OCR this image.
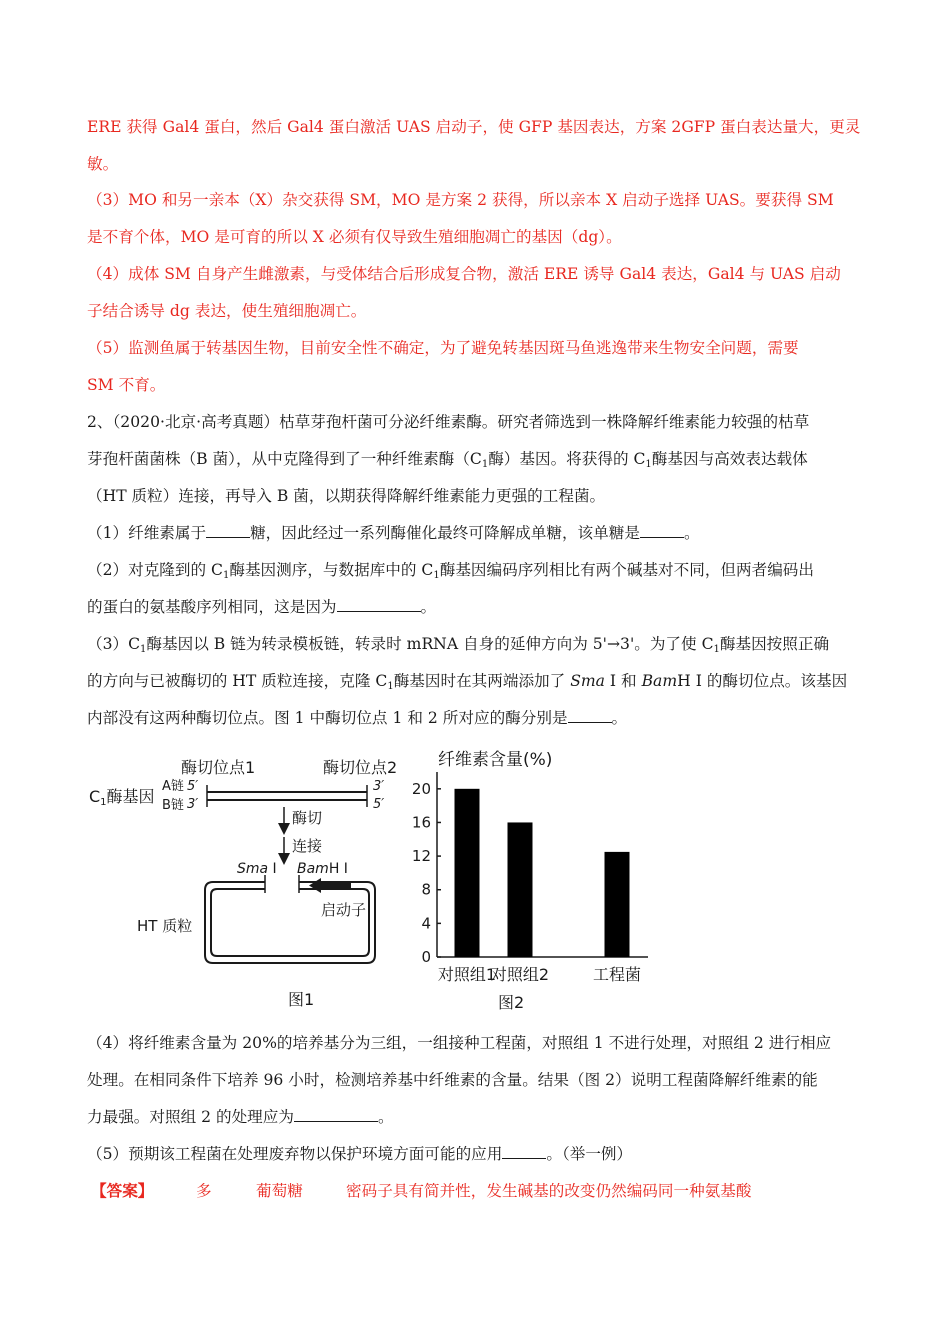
ERE 获得 Gal4 蛋白，然后 Gal4 蛋白激活 UAS 启动子，使 GFP 基因表达，方案 2GFP 蛋白表达量大，更灵
敏。
（3）MO 和另一亲本（X）杂交获得 SM，MO 是方案 2 获得，所以亲本 X 启动子选择 UAS。要获得 SM
是不育个体，MO 是可育的所以 X 必须有仅导致生殖细胞凋亡的基因（dg）。
（4）成体 SM 自身产生雌激素，与受体结合后形成复合物，激活 ERE 诱导 Gal4 表达，Gal4 与 UAS 启动
子结合诱导 dg 表达，使生殖细胞凋亡。
（5）监测鱼属于转基因生物，目前安全性不确定，为了避免转基因斑马鱼逃逸带来生物安全问题，需要
SM 不育。
2、（2020·北京·高考真题）枯草芽孢杆菌可分泌纤维素酶。研究者筛选到一株降解纤维素能力较强的枯草
芽孢杆菌菌株（B 菌），从中克隆得到了一种纤维素酶（$C_1$酶）基因。将获得的 $C_1$酶基因与高效表达载体
（HT 质粒）连接，再导入 B 菌，以期获得降解纤维素能力更强的工程菌。
（1）纤维素属于	糖，因此经过一系列酶催化最终可降解成单糖，该单糖是	。
（2）对克隆到的 $C_1$酶基因测序，与数据库中的 $C_1$酶基因编码序列相比有两个碱基对不同，但两者编码出
的蛋白的氨基酸序列相同，这是因为	。
$(3)C_1$酶基因以 B 链为转录模板链，转录时 mRNA 自身的延伸方向为 5'→3'。为了使 $C_1$酶基因按照正确
的方向与已被酶切的 HT 质粒连接，克隆 $C_1$酶基因时在其两端添加了 Sma I 和 BamH I 的酶切位点。该基因
内部没有这两种酶切位点。图 1 中酶切位点 1 和 2 所对应的酶分别是	。
酶切位点1	酶切位点2
C1酶基因
A链
B链
5′
3′
3′
5′
酶切
连接
Sma I BamH I
启动子
HT 质粒
图1
纤维素含量(%)
0
4
8
12
16
20
对照组1
对照组2	工程菌
图2
（4）将纤维素含量为 20%的培养基分为三组，一组接种工程菌，对照组 1 不进行处理，对照组 2 进行相应
处理。在相同条件下培养 96 小时，检测培养基中纤维素的含量。结果（图 2）说明工程菌降解纤维素的能
力最强。对照组 2 的处理应为	。
（5）预期该工程菌在处理废弃物以保护环境方面可能的应用	。（举一例）
【答案】	多	葡萄糖	密码子具有简并性，发生碱基的改变仍然编码同一种氨基酸
